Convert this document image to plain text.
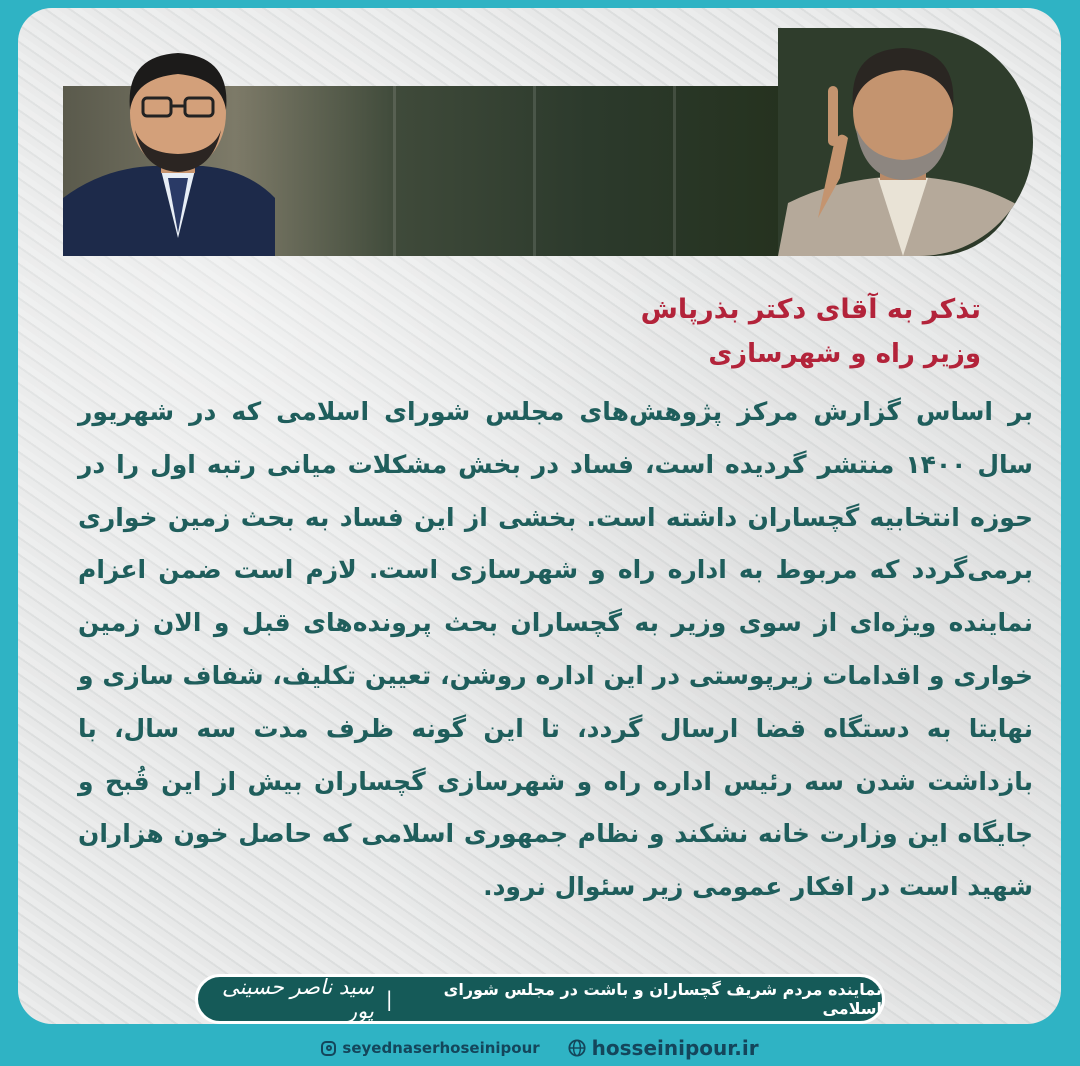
تذکر به آقای دکتر بذرپاش
وزیر راه و شهرسازی
بر اساس گزارش مرکز پژوهش‌های مجلس شورای اسلامی که در شهریور سال ۱۴۰۰ منتشر گردیده است، فساد در بخش مشکلات میانی رتبه اول را در حوزه انتخابیه گچساران داشته است. بخشی از این فساد به بحث زمین خواری برمی‌گردد که مربوط به اداره راه و شهرسازی است. لازم است ضمن اعزام نماینده ویژه‌ای از سوی وزیر به گچساران بحث پرونده‌های قبل و الان زمین خواری و اقدامات زیرپوستی در این اداره روشن، تعیین تکلیف، شفاف سازی و نهایتا به دستگاه قضا ارسال گردد، تا این گونه ظرف مدت سه سال، با بازداشت شدن سه رئیس اداره راه و شهرسازی گچساران بیش از این قُبح و جایگاه این وزارت خانه نشکند و نظام جمهوری اسلامی که حاصل خون هزاران شهید است در افکار عمومی زیر سئوال نرود.
سید ناصر حسینی پور |	نماینده مردم شریف گچساران و باشت در مجلس شورای اسلامی
seyednaserhoseinipour	hosseinipour.ir
